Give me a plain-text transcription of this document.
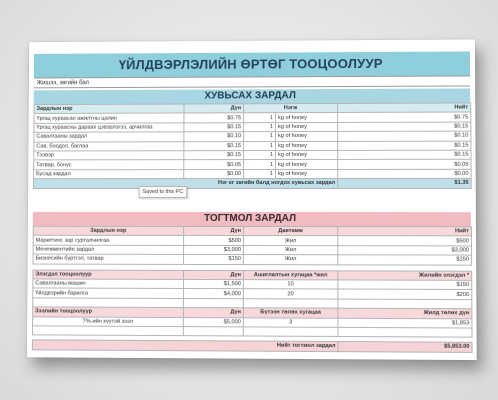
ҮЙЛДВЭРЛЭЛИЙН ӨРТӨГ ТООЦООЛУУР
Жишээ, зөгийн бал
ХУВЬСАХ ЗАРДАЛ
Зардлын нэр	Дүн	Нэгж		Нийт
Үргац хураасан ажилтны цалин	$0.75	1	kg of honey	$0.75
Үргац хураасны дараах цэвэрлэгээ, арчилгаа	$0.15	1	kg of honey	$0.15
Савалгааны зардал	$0.10	1	kg of honey	$0.10
Сав, боодол, баглаа	$0.15	1	kg of honey	$0.15
Тээвэр	$0.15	1	kg of honey	$0.15
Татвар, бонус	$0.05	1	kg of honey	$0.05
Бусад зардал	$0.00	1	kg of honey	$0.00
Нэг кг зөгийн балд ногдох хувьсах зардал				$1.35
ТОГТМОЛ ЗАРДАЛ
Зардлын нэр	Дүн	Давтамж	Нийт
Маркетинг, зар сурталчилгаа	$500	Жил	$500
Менежментийн зардал	$3,000	Жил	$3,000
Бизнесийн бүртгэл, татвар	$150	Жил	$150

Элэгдэл тооцоолуур	Дүн	Ашиглалтын хугацаа *жил	Жилийн элэгдэл *
Савалгааны машин	$1,500	10	$150
Үйлдвэрийн барилга	$4,000	20	$200

Зээлийн тооцоолуур	Дүн	Бүтээн төлөх хугацаа	Жилд төлөх дүн
7%-ийн хүүтэй зээл	$5,000	3	$1,853

Нийт тогтмол зардал			$5,853.00
Saved to this PC
